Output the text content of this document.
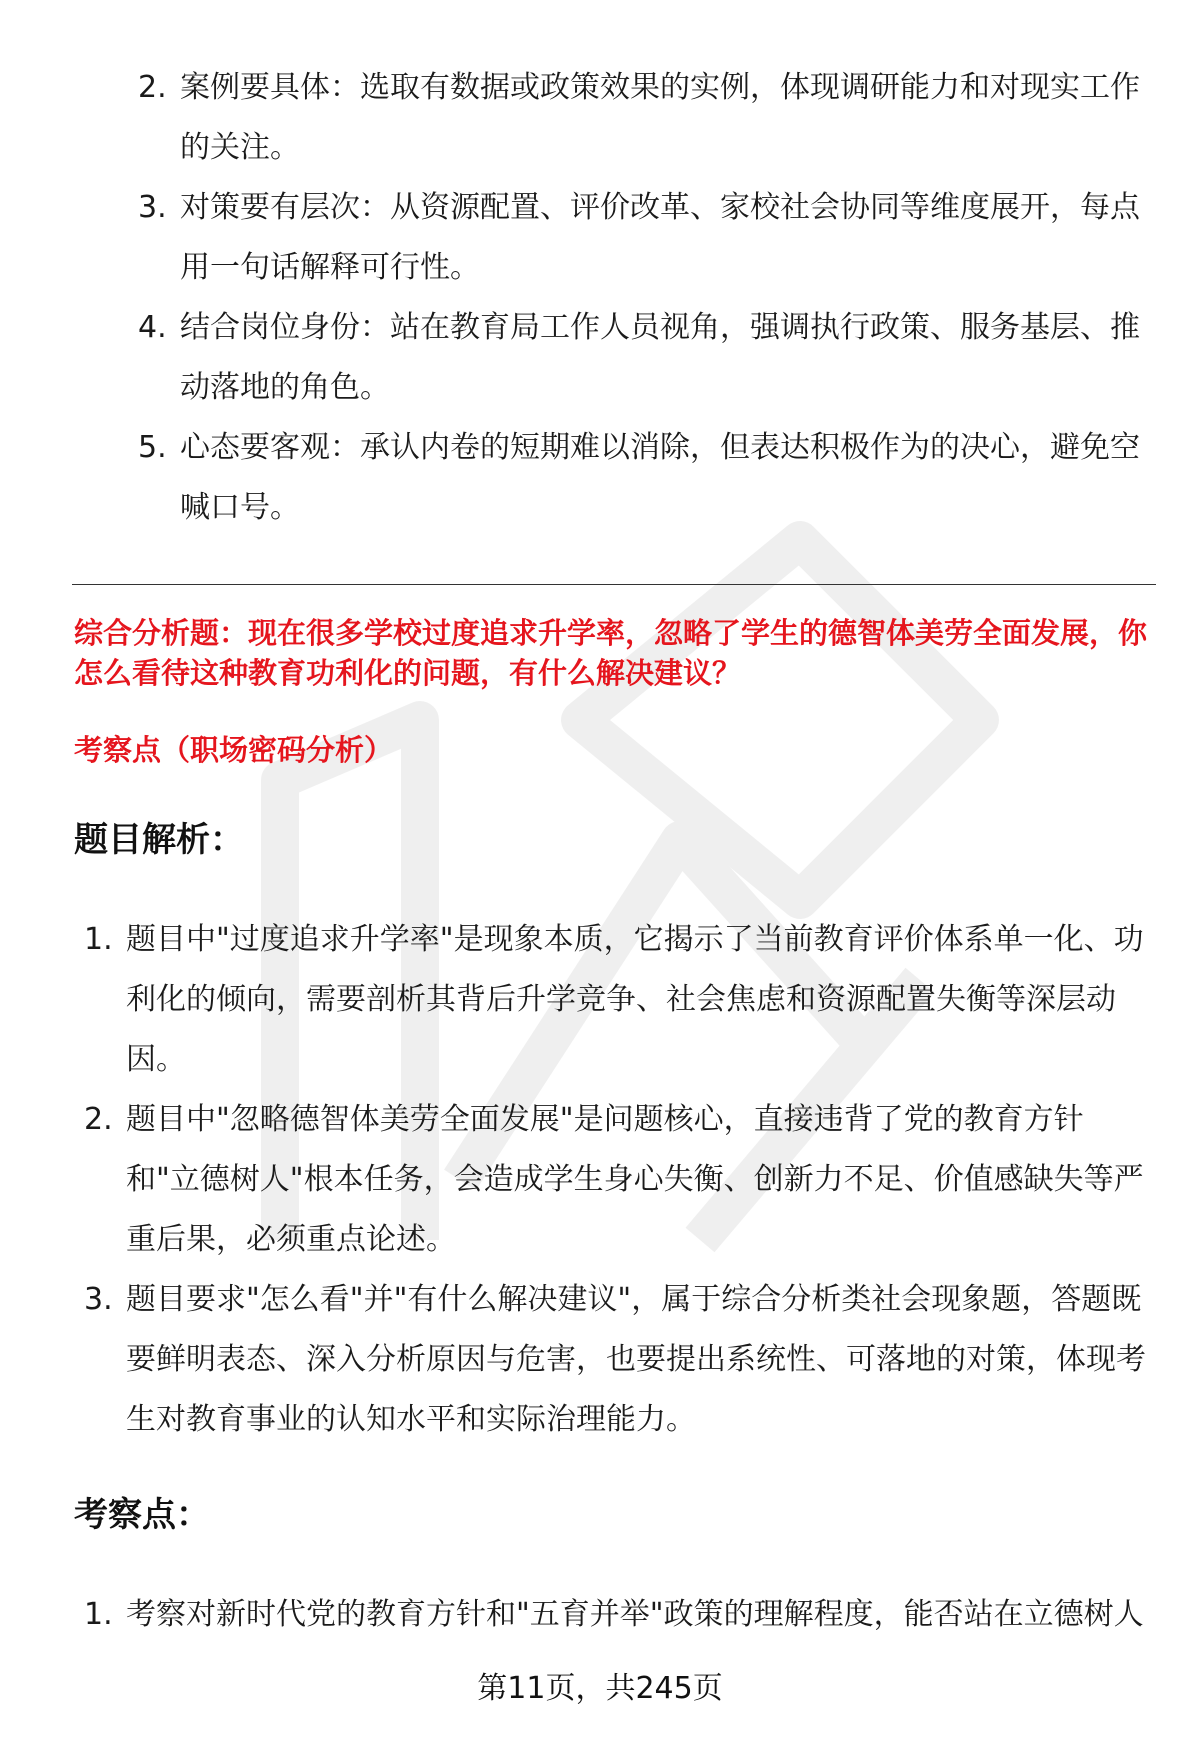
2. 案例要具体：选取有数据或政策效果的实例，体现调研能力和对现实工作的关注。
3. 对策要有层次：从资源配置、评价改革、家校社会协同等维度展开，每点用一句话解释可行性。
4. 结合岗位身份：站在教育局工作人员视角，强调执行政策、服务基层、推动落地的角色。
5. 心态要客观：承认内卷的短期难以消除，但表达积极作为的决心，避免空喊口号。
综合分析题：现在很多学校过度追求升学率，忽略了学生的德智体美劳全面发展，你怎么看待这种教育功利化的问题，有什么解决建议？
考察点（职场密码分析）
题目解析：
1. 题目中"过度追求升学率"是现象本质，它揭示了当前教育评价体系单一化、功利化的倾向，需要剖析其背后升学竞争、社会焦虑和资源配置失衡等深层动因。
2. 题目中"忽略德智体美劳全面发展"是问题核心，直接违背了党的教育方针和"立德树人"根本任务，会造成学生身心失衡、创新力不足、价值感缺失等严重后果，必须重点论述。
3. 题目要求"怎么看"并"有什么解决建议"，属于综合分析类社会现象题，答题既要鲜明表态、深入分析原因与危害，也要提出系统性、可落地的对策，体现考生对教育事业的认知水平和实际治理能力。
考察点：
1. 考察对新时代党的教育方针和"五育并举"政策的理解程度，能否站在立德树人
第11页，共245页
